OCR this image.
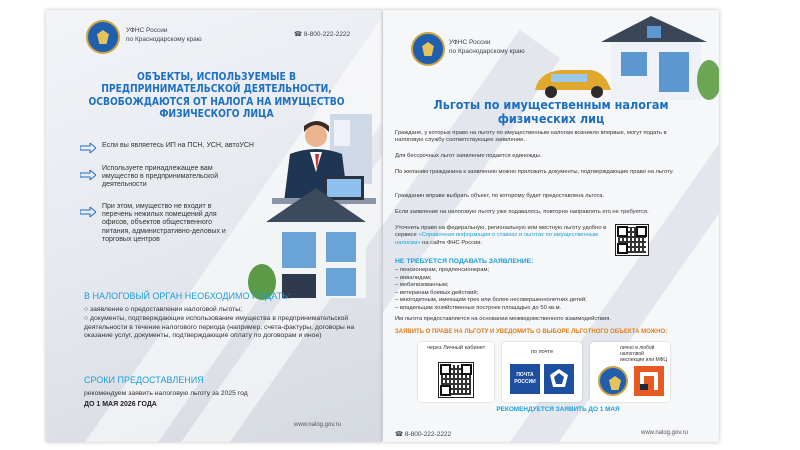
УФНС России
по Краснодарскому краю
☎ 8-800-222-2222
ОБЪЕКТЫ, ИСПОЛЬЗУЕМЫЕ В ПРЕДПРИНИМАТЕЛЬСКОЙ ДЕЯТЕЛЬНОСТИ, ОСВОБОЖДАЮТСЯ ОТ НАЛОГА НА ИМУЩЕСТВО ФИЗИЧЕСКОГО ЛИЦА
Если вы являетесь ИП на ПСН, УСН, автоУСН
Используете принадлежащее вам имущество в предпринимательской деятельности
При этом, имущество не входит в перечень нежилых помещений для офисов, объектов общественного питания, административно-деловых и торговых центров
В НАЛОГОВЫЙ ОРГАН НЕОБХОДИМО ПОДАТЬ:
○ заявление о предоставлении налоговой льготы;
○ документы, подтверждающие использование имущества в предпринимательской деятельности в течение налогового периода (например, счета-фактуры, договоры на оказание услуг, документы, подтверждающие оплату по договорам и иное)
СРОКИ ПРЕДОСТАВЛЕНИЯ
рекомендуем заявить налоговую льготу за 2025 год
ДО 1 МАЯ 2026 ГОДА
www.nalog.gov.ru
УФНС России
по Краснодарскому краю
Льготы по имущественным налогам физических лиц
Граждане, у которых право на льготу по имущественным налогам возникло впервые, могут подать в налоговую службу соответствующее заявление.
Для бессрочных льгот заявление подается единожды.
По желанию гражданина к заявлению можно приложить документы, подтверждающие право на льготу.
Гражданин вправе выбрать объект, по которому будет предоставлена льгота.
Если заявление на налоговую льготу уже подавалось, повторно направлять его не требуется.
Уточнить право на федеральную, региональную или местную льготу удобно в сервисе «Справочная информация о ставках и льготах по имущественным налогам» на сайте ФНС России.
НЕ ТРЕБУЕТСЯ ПОДАВАТЬ ЗАЯВЛЕНИЕ:
– пенсионерам, предпенсионерам;
– инвалидам;
– мобилизованным;
– ветеранам боевых действий;
– многодетным, имеющим трех или более несовершеннолетних детей;
– владельцам хозяйственных построек площадью до 50 кв.м.
Им льгота предоставляется на основании межведомственного взаимодействия.
ЗАЯВИТЬ О ПРАВЕ НА ЛЬГОТУ И УВЕДОМИТЬ О ВЫБОРЕ ЛЬГОТНОГО ОБЪЕКТА МОЖНО:
через Личный кабинет
по почте
ПОЧТА РОССИИ
лично в любой налоговой инспекции или МФЦ
РЕКОМЕНДУЕТСЯ ЗАЯВИТЬ ДО 1 МАЯ
☎ 8-800-222-2222	www.nalog.gov.ru
